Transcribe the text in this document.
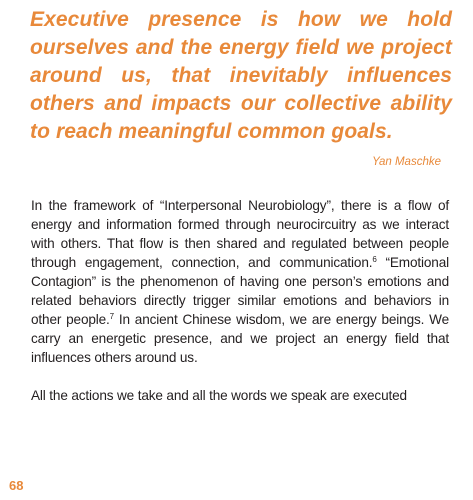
Executive presence is how we hold ourselves and the energy field we project around us, that inevitably influences others and impacts our collective ability to reach meaningful common goals.

Yan Maschke

In the framework of “Interpersonal Neurobiology”, there is a flow of energy and information formed through neurocircuitry as we interact with others. That flow is then shared and regulated between people through engagement, connection, and communication.$^6$ “Emotional Contagion” is the phenomenon of having one person’s emotions and related behaviors directly trigger similar emotions and behaviors in other people.$^7$ In ancient Chinese wisdom, we are energy beings. We carry an energetic presence, and we project an energy field that influences others around us.

All the actions we take and all the words we speak are executed

68
